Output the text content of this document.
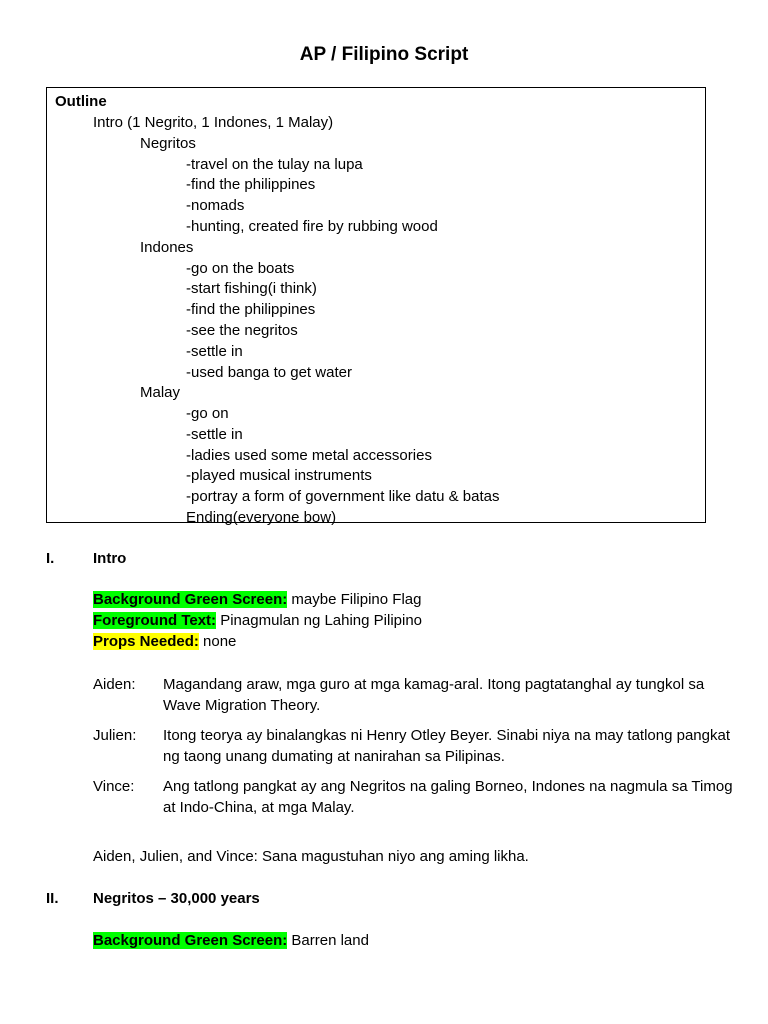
AP / Filipino Script
Outline
Intro (1 Negrito, 1 Indones, 1 Malay)
Negritos
-travel on the tulay na lupa
-find the philippines
-nomads
-hunting, created fire by rubbing wood
Indones
-go on the boats
-start fishing(i think)
-find the philippines
-see the negritos
-settle in
-used banga to get water
Malay
-go on
-settle in
-ladies used some metal accessories
-played musical instruments
-portray a form of government like datu & batas
Ending(everyone bow)
I.	Intro
Background Green Screen: maybe Filipino Flag
Foreground Text: Pinagmulan ng Lahing Pilipino
Props Needed: none
Aiden: Magandang araw, mga guro at mga kamag-aral. Itong pagtatanghal ay tungkol sa Wave Migration Theory.
Julien: Itong teorya ay binalangkas ni Henry Otley Beyer. Sinabi niya na may tatlong pangkat ng taong unang dumating at nanirahan sa Pilipinas.
Vince: Ang tatlong pangkat ay ang Negritos na galing Borneo, Indones na nagmula sa Timog at Indo-China, at mga Malay.
Aiden, Julien, and Vince: Sana magustuhan niyo ang aming likha.
II. Negritos – 30,000 years
Background Green Screen: Barren land
